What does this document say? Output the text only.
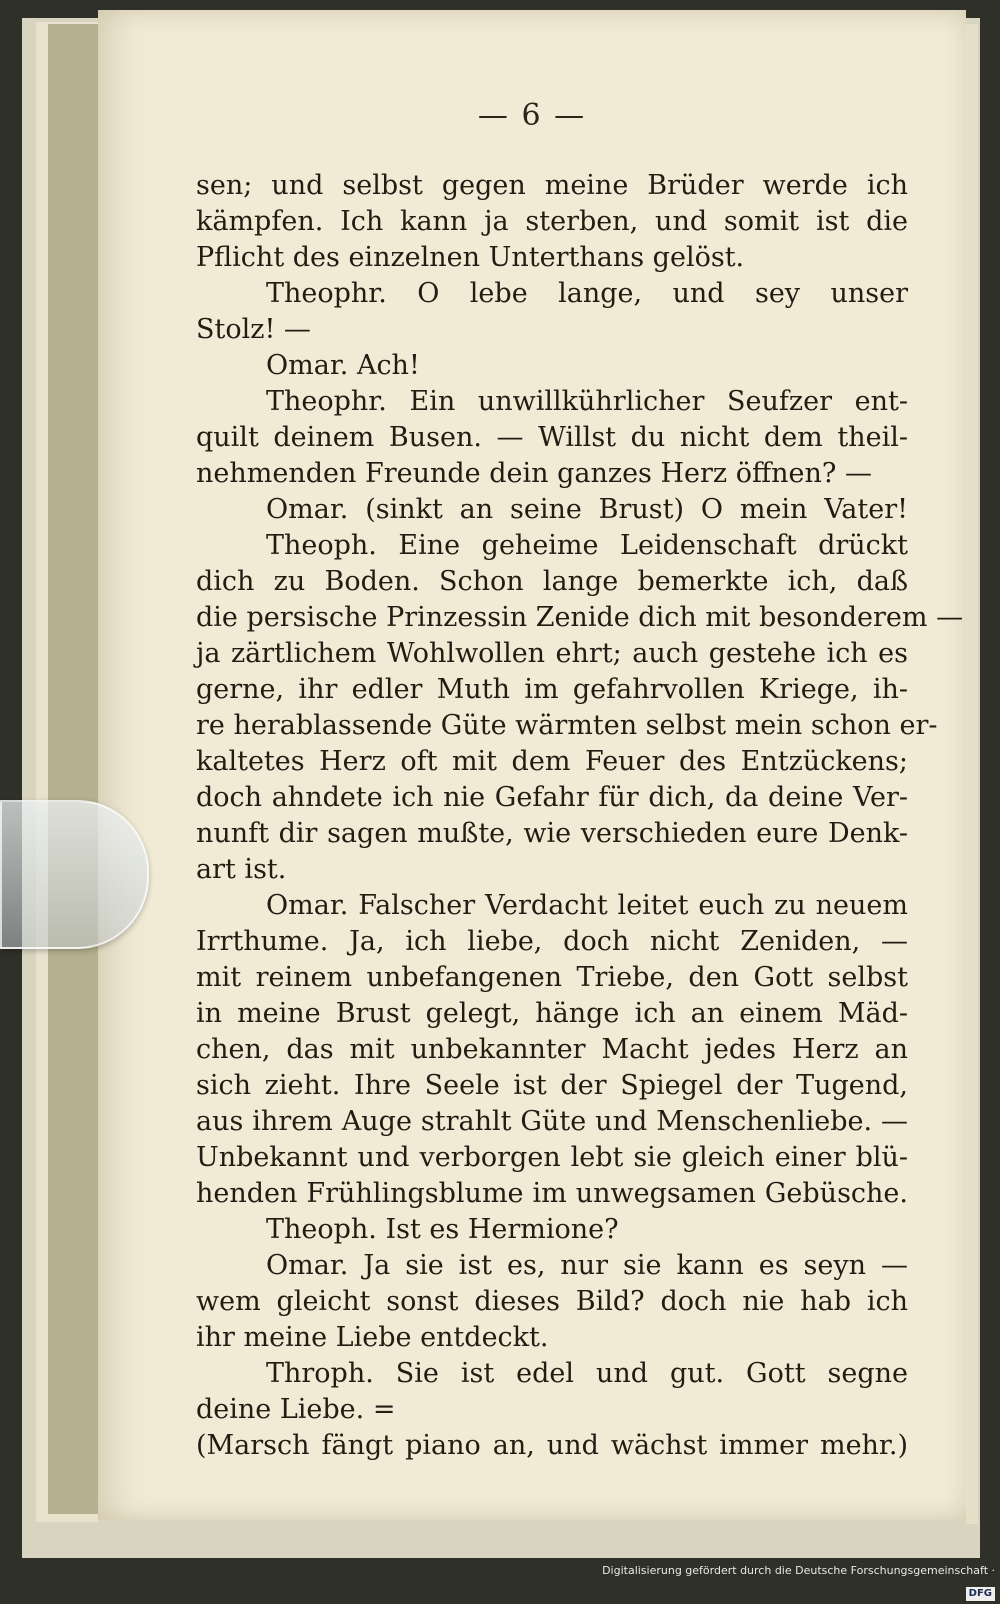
— 6 —
sen; und selbst gegen meine Brüder werde ich
kämpfen. Ich kann ja sterben, und somit ist die
Pflicht des einzelnen Unterthans gelöst.
Theophr. O lebe lange, und sey unser
Stolz! —
Omar. Ach!
Theophr. Ein unwillkührlicher Seufzer ent-
quilt deinem Busen. — Willst du nicht dem theil-
nehmenden Freunde dein ganzes Herz öffnen? —
Omar. (sinkt an seine Brust) O mein Vater!
Theoph. Eine geheime Leidenschaft drückt
dich zu Boden. Schon lange bemerkte ich, daß
die persische Prinzessin Zenide dich mit besonderem —
ja zärtlichem Wohlwollen ehrt; auch gestehe ich es
gerne, ihr edler Muth im gefahrvollen Kriege, ih-
re herablassende Güte wärmten selbst mein schon er-
kaltetes Herz oft mit dem Feuer des Entzückens;
doch ahndete ich nie Gefahr für dich, da deine Ver-
nunft dir sagen mußte, wie verschieden eure Denk-
art ist.
Omar. Falscher Verdacht leitet euch zu neuem
Irrthume. Ja, ich liebe, doch nicht Zeniden, —
mit reinem unbefangenen Triebe, den Gott selbst
in meine Brust gelegt, hänge ich an einem Mäd-
chen, das mit unbekannter Macht jedes Herz an
sich zieht. Ihre Seele ist der Spiegel der Tugend,
aus ihrem Auge strahlt Güte und Menschenliebe. —
Unbekannt und verborgen lebt sie gleich einer blü-
henden Frühlingsblume im unwegsamen Gebüsche.
Theoph. Ist es Hermione?
Omar. Ja sie ist es, nur sie kann es seyn —
wem gleicht sonst dieses Bild? doch nie hab ich
ihr meine Liebe entdeckt.
Throph. Sie ist edel und gut. Gott segne
deine Liebe. =
(Marsch fängt piano an, und wächst immer mehr.)
Digitalisierung gefördert durch die Deutsche Forschungsgemeinschaft ·DFG
